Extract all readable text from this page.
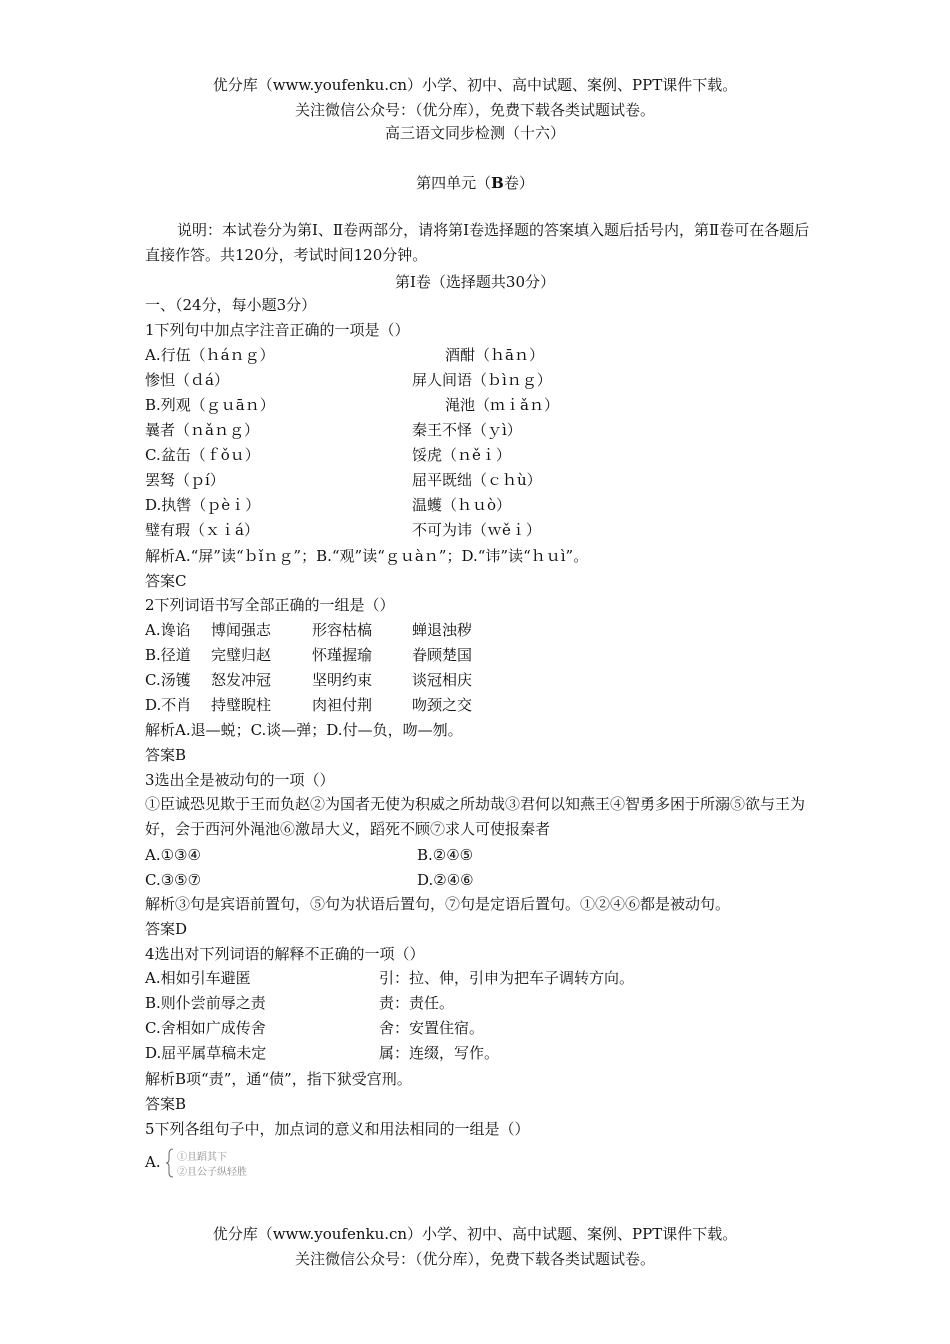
优分库（www.youfenku.cn）小学、初中、高中试题、案例、PPT课件下载。
关注微信公众号：（优分库），免费下载各类试题试卷。
高三语文同步检测（十六）
第四单元（B卷）
说明：本试卷分为第Ⅰ、Ⅱ卷两部分，请将第Ⅰ卷选择题的答案填入题后括号内，第Ⅱ卷可在各题后直接作答。共120分，考试时间120分钟。
第Ⅰ卷（选择题共30分）
一、（24分，每小题3分）
1下列句中加点字注音正确的一项是（）
A.行伍（ｈáｎｇ）	酒酣（ｈāｎ）
惨怛（ｄá）	屏人间语（ｂìｎｇ）
B.列观（ｇｕāｎ）	渑池（ｍｉǎｎ）
曩者（ｎǎｎｇ）	秦王不怿（ｙì）
C.盆缶（ｆǒｕ）	馁虎（ｎěｉ）
罢驽（ｐí）	屈平既绌（ｃｈù）
D.执辔（ｐèｉ）	温蠖（ｈｕò）
璧有瑕（ｘｉá）	不可为讳（ｗěｉ）
解析A.“屏”读“ｂǐｎｇ”；B.“观”读“ｇｕàｎ”；D.“讳”读“ｈｕì”。
答案C
2下列词语书写全部正确的一组是（）
A.谗谄 博闻强志	形容枯槁	蝉退浊秽
B.径道 完璧归赵	怀瑾握瑜	眷顾楚国
C.汤镬 怒发冲冠	坚明约束	谈冠相庆
D.不肖 持璧睨柱	肉袒付荆	吻颈之交
解析A.退—蜕；C.谈—弹；D.付—负，吻—刎。
答案B
3选出全是被动句的一项（）
①臣诚恐见欺于王而负赵②为国者无使为积威之所劫哉③君何以知燕王④智勇多困于所溺⑤欲与王为好，会于西河外渑池⑥激昂大义，蹈死不顾⑦求人可使报秦者
A.①③④	B.②④⑤
C.③⑤⑦	D.②④⑥
解析③句是宾语前置句，⑤句为状语后置句，⑦句是定语后置句。①②④⑥都是被动句。
答案D
4选出对下列词语的解释不正确的一项（）
A.相如引车避匿	引：拉、伸，引申为把车子调转方向。
B.则仆尝前辱之责	责：责任。
C.舍相如广成传舍	舍：安置住宿。
D.屈平属草稿未定	属：连缀，写作。
解析B项“责”，通“债”，指下狱受宫刑。
答案B
5下列各组句子中，加点词的意义和用法相同的一组是（）
A. ①且蹈其下
②且公子纵轻胜
优分库（www.youfenku.cn）小学、初中、高中试题、案例、PPT课件下载。
关注微信公众号：（优分库），免费下载各类试题试卷。
